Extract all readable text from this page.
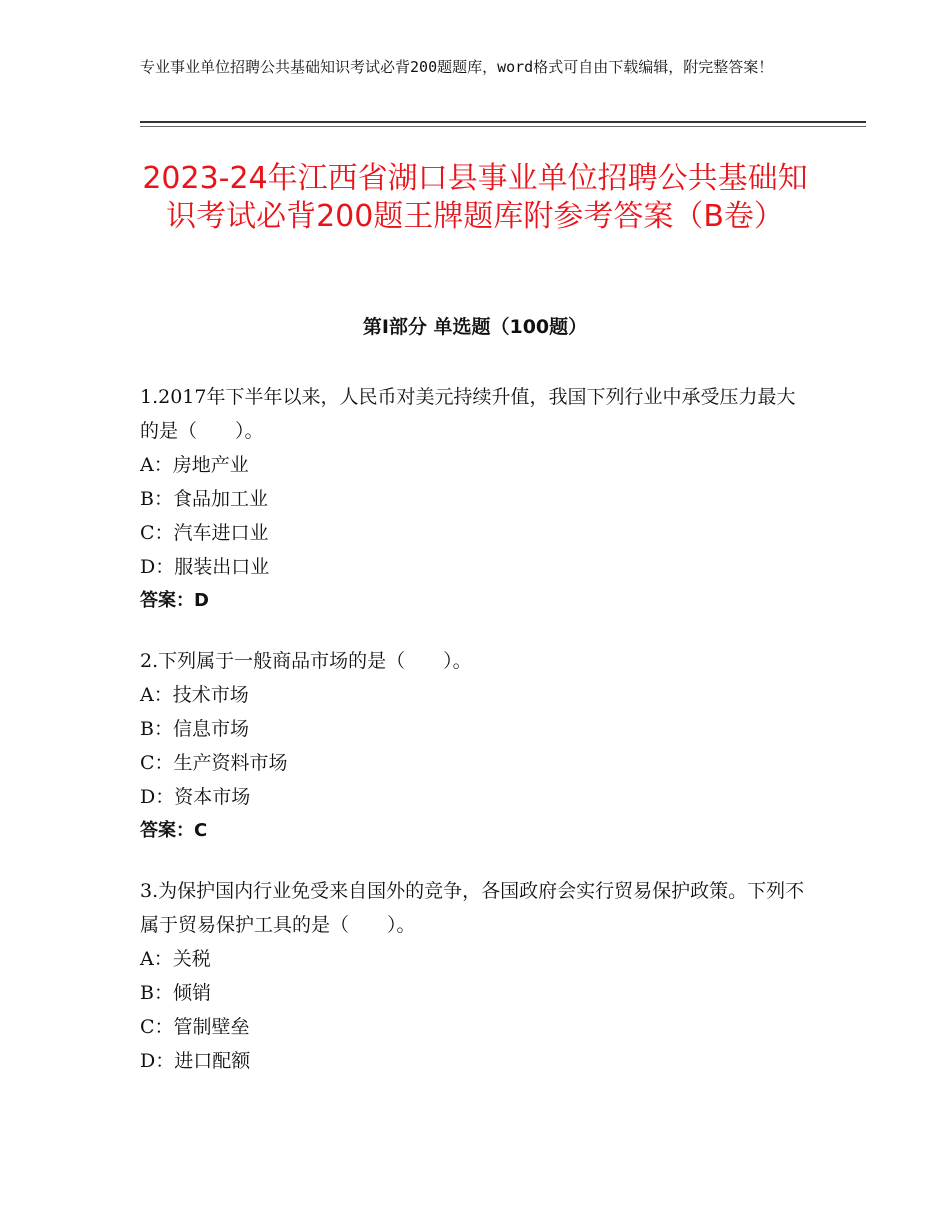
专业事业单位招聘公共基础知识考试必背200题题库，word格式可自由下载编辑，附完整答案！
2023-24年江西省湖口县事业单位招聘公共基础知识考试必背200题王牌题库附参考答案（B卷）
第Ⅰ部分 单选题（100题）

1.2017年下半年以来，人民币对美元持续升值，我国下列行业中承受压力最大的是（　　）。

A：房地产业

B：食品加工业

C：汽车进口业

D：服装出口业

答案：D

2.下列属于一般商品市场的是（　　）。

A：技术市场

B：信息市场

C：生产资料市场

D：资本市场

答案：C

3.为保护国内行业免受来自国外的竞争，各国政府会实行贸易保护政策。下列不属于贸易保护工具的是（　　）。

A：关税

B：倾销

C：管制壁垒

D：进口配额
